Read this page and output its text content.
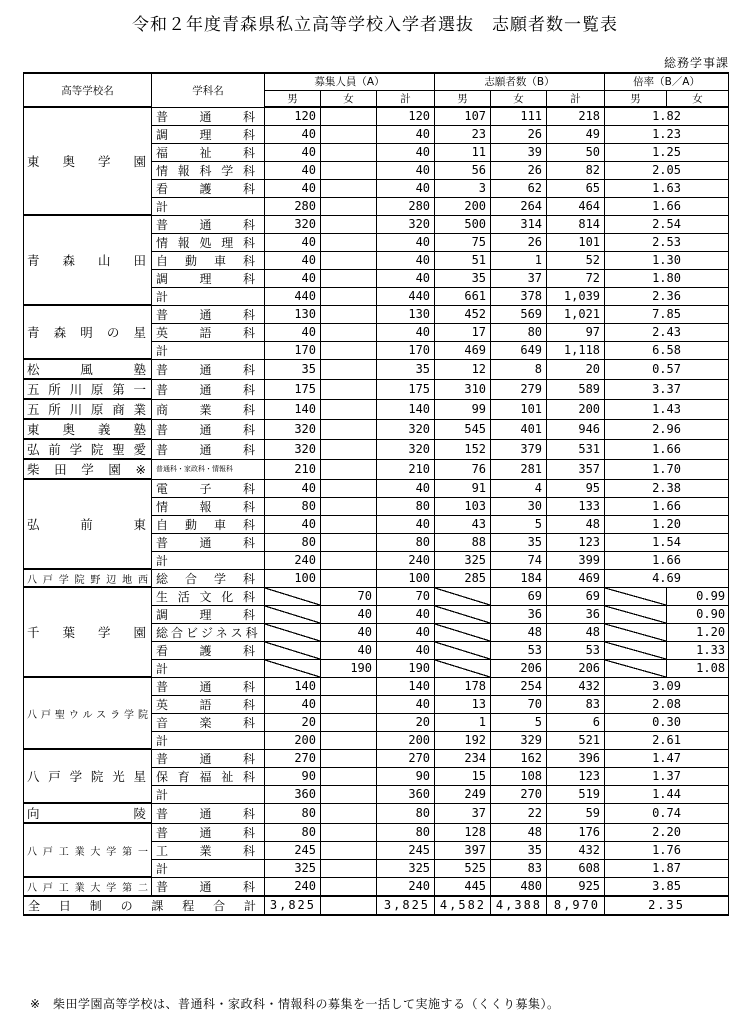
令和２年度青森県私立高等学校入学者選抜　志願者数一覧表
総務学事課
高等学校名	学科名	募集人員（A）			志願者数（B）			倍率（B／A）	
		男	女	計	男	女	計	男	女
東奥学園	普通科	120		120	107	111	218	1.82	
	調理科	40		40	23	26	49	1.23	
	福祉科	40		40	11	39	50	1.25	
	情報科学科	40		40	56	26	82	2.05	
	看護科	40		40	3	62	65	1.63	
	計	280		280	200	264	464	1.66	
青森山田	普通科	320		320	500	314	814	2.54	
	情報処理科	40		40	75	26	101	2.53	
	自動車科	40		40	51	1	52	1.30	
	調理科	40		40	35	37	72	1.80	
	計	440		440	661	378	1,039	2.36	
青森明の星	普通科	130		130	452	569	1,021	7.85	
	英語科	40		40	17	80	97	2.43	
	計	170		170	469	649	1,118	6.58	
松風塾	普通科	35		35	12	8	20	0.57	
五所川原第一	普通科	175		175	310	279	589	3.37	
五所川原商業	商業科	140		140	99	101	200	1.43	
東奥義塾	普通科	320		320	545	401	946	2.96	
弘前学院聖愛	普通科	320		320	152	379	531	1.66	
柴田学園※	普通科・家政科・情報科	210		210	76	281	357	1.70	
弘前東	電子科	40		40	91	4	95	2.38	
	情報科	80		80	103	30	133	1.66	
	自動車科	40		40	43	5	48	1.20	
	普通科	80		80	88	35	123	1.54	
	計	240		240	325	74	399	1.66	
八戸学院野辺地西	総合学科	100		100	285	184	469	4.69	
千葉学園	生活文化科		70	70		69	69		0.99
	調理科		40	40		36	36		0.90
	総合ビジネス科		40	40		48	48		1.20
	看護科		40	40		53	53		1.33
	計		190	190		206	206		1.08
八戸聖ウルスラ学院	普通科	140		140	178	254	432	3.09	
	英語科	40		40	13	70	83	2.08	
	音楽科	20		20	1	5	6	0.30	
	計	200		200	192	329	521	2.61	
八戸学院光星	普通科	270		270	234	162	396	1.47	
	保育福祉科	90		90	15	108	123	1.37	
	計	360		360	249	270	519	1.44	
向陵	普通科	80		80	37	22	59	0.74	
八戸工業大学第一	普通科	80		80	128	48	176	2.20	
	工業科	245		245	397	35	432	1.76	
	計	325		325	525	83	608	1.87	
八戸工業大学第二	普通科	240		240	445	480	925	3.85	
全日制の課程合計		3,825		3,825	4,582	4,388	8,970	2.35	
※　柴田学園高等学校は、普通科・家政科・情報科の募集を一括して実施する（くくり募集）。
